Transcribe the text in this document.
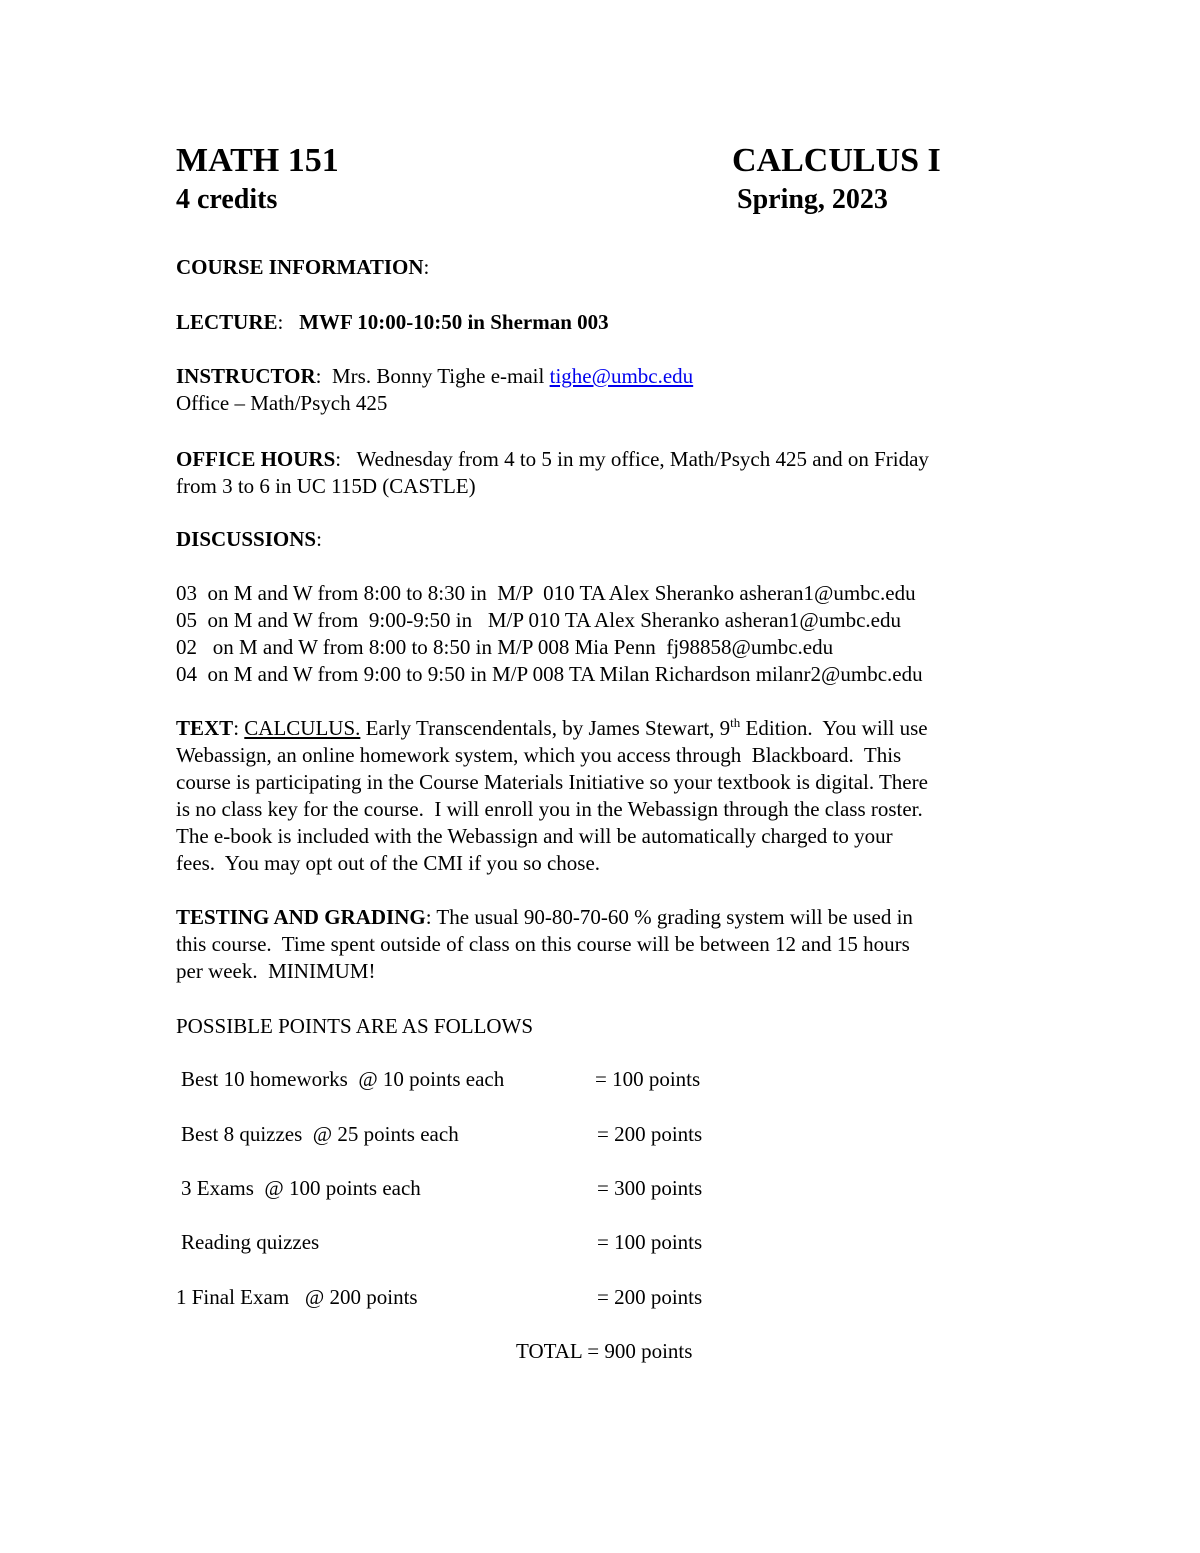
MATH 151	CALCULUS I
4 credits	Spring, 2023
COURSE INFORMATION:
LECTURE: MWF 10:00-10:50 in Sherman 003
INSTRUCTOR: Mrs. Bonny Tighe e-mail tighe@umbc.edu
Office – Math/Psych 425
OFFICE HOURS: Wednesday from 4 to 5 in my office, Math/Psych 425 and on Friday
from 3 to 6 in UC 115D (CASTLE)
DISCUSSIONS:
03  on M and W from 8:00 to 8:30 in  M/P  010 TA Alex Sheranko asheran1@umbc.edu
05  on M and W from  9:00-9:50 in   M/P 010 TA Alex Sheranko asheran1@umbc.edu
02   on M and W from 8:00 to 8:50 in M/P 008 Mia Penn  fj98858@umbc.edu
04  on M and W from 9:00 to 9:50 in M/P 008 TA Milan Richardson milanr2@umbc.edu
TEXT: CALCULUS. Early Transcendentals, by James Stewart, 9th Edition.  You will use
Webassign, an online homework system, which you access through  Blackboard.  This
course is participating in the Course Materials Initiative so your textbook is digital. There
is no class key for the course.  I will enroll you in the Webassign through the class roster.
The e-book is included with the Webassign and will be automatically charged to your
fees.  You may opt out of the CMI if you so chose.
TESTING AND GRADING: The usual 90-80-70-60 % grading system will be used in
this course.  Time spent outside of class on this course will be between 12 and 15 hours
per week.  MINIMUM!
POSSIBLE POINTS ARE AS FOLLOWS
Best 10 homeworks  @ 10 points each	= 100 points
Best 8 quizzes  @ 25 points each	= 200 points
3 Exams  @ 100 points each	= 300 points
Reading quizzes	= 100 points
1 Final Exam   @ 200 points	= 200 points
TOTAL = 900 points
